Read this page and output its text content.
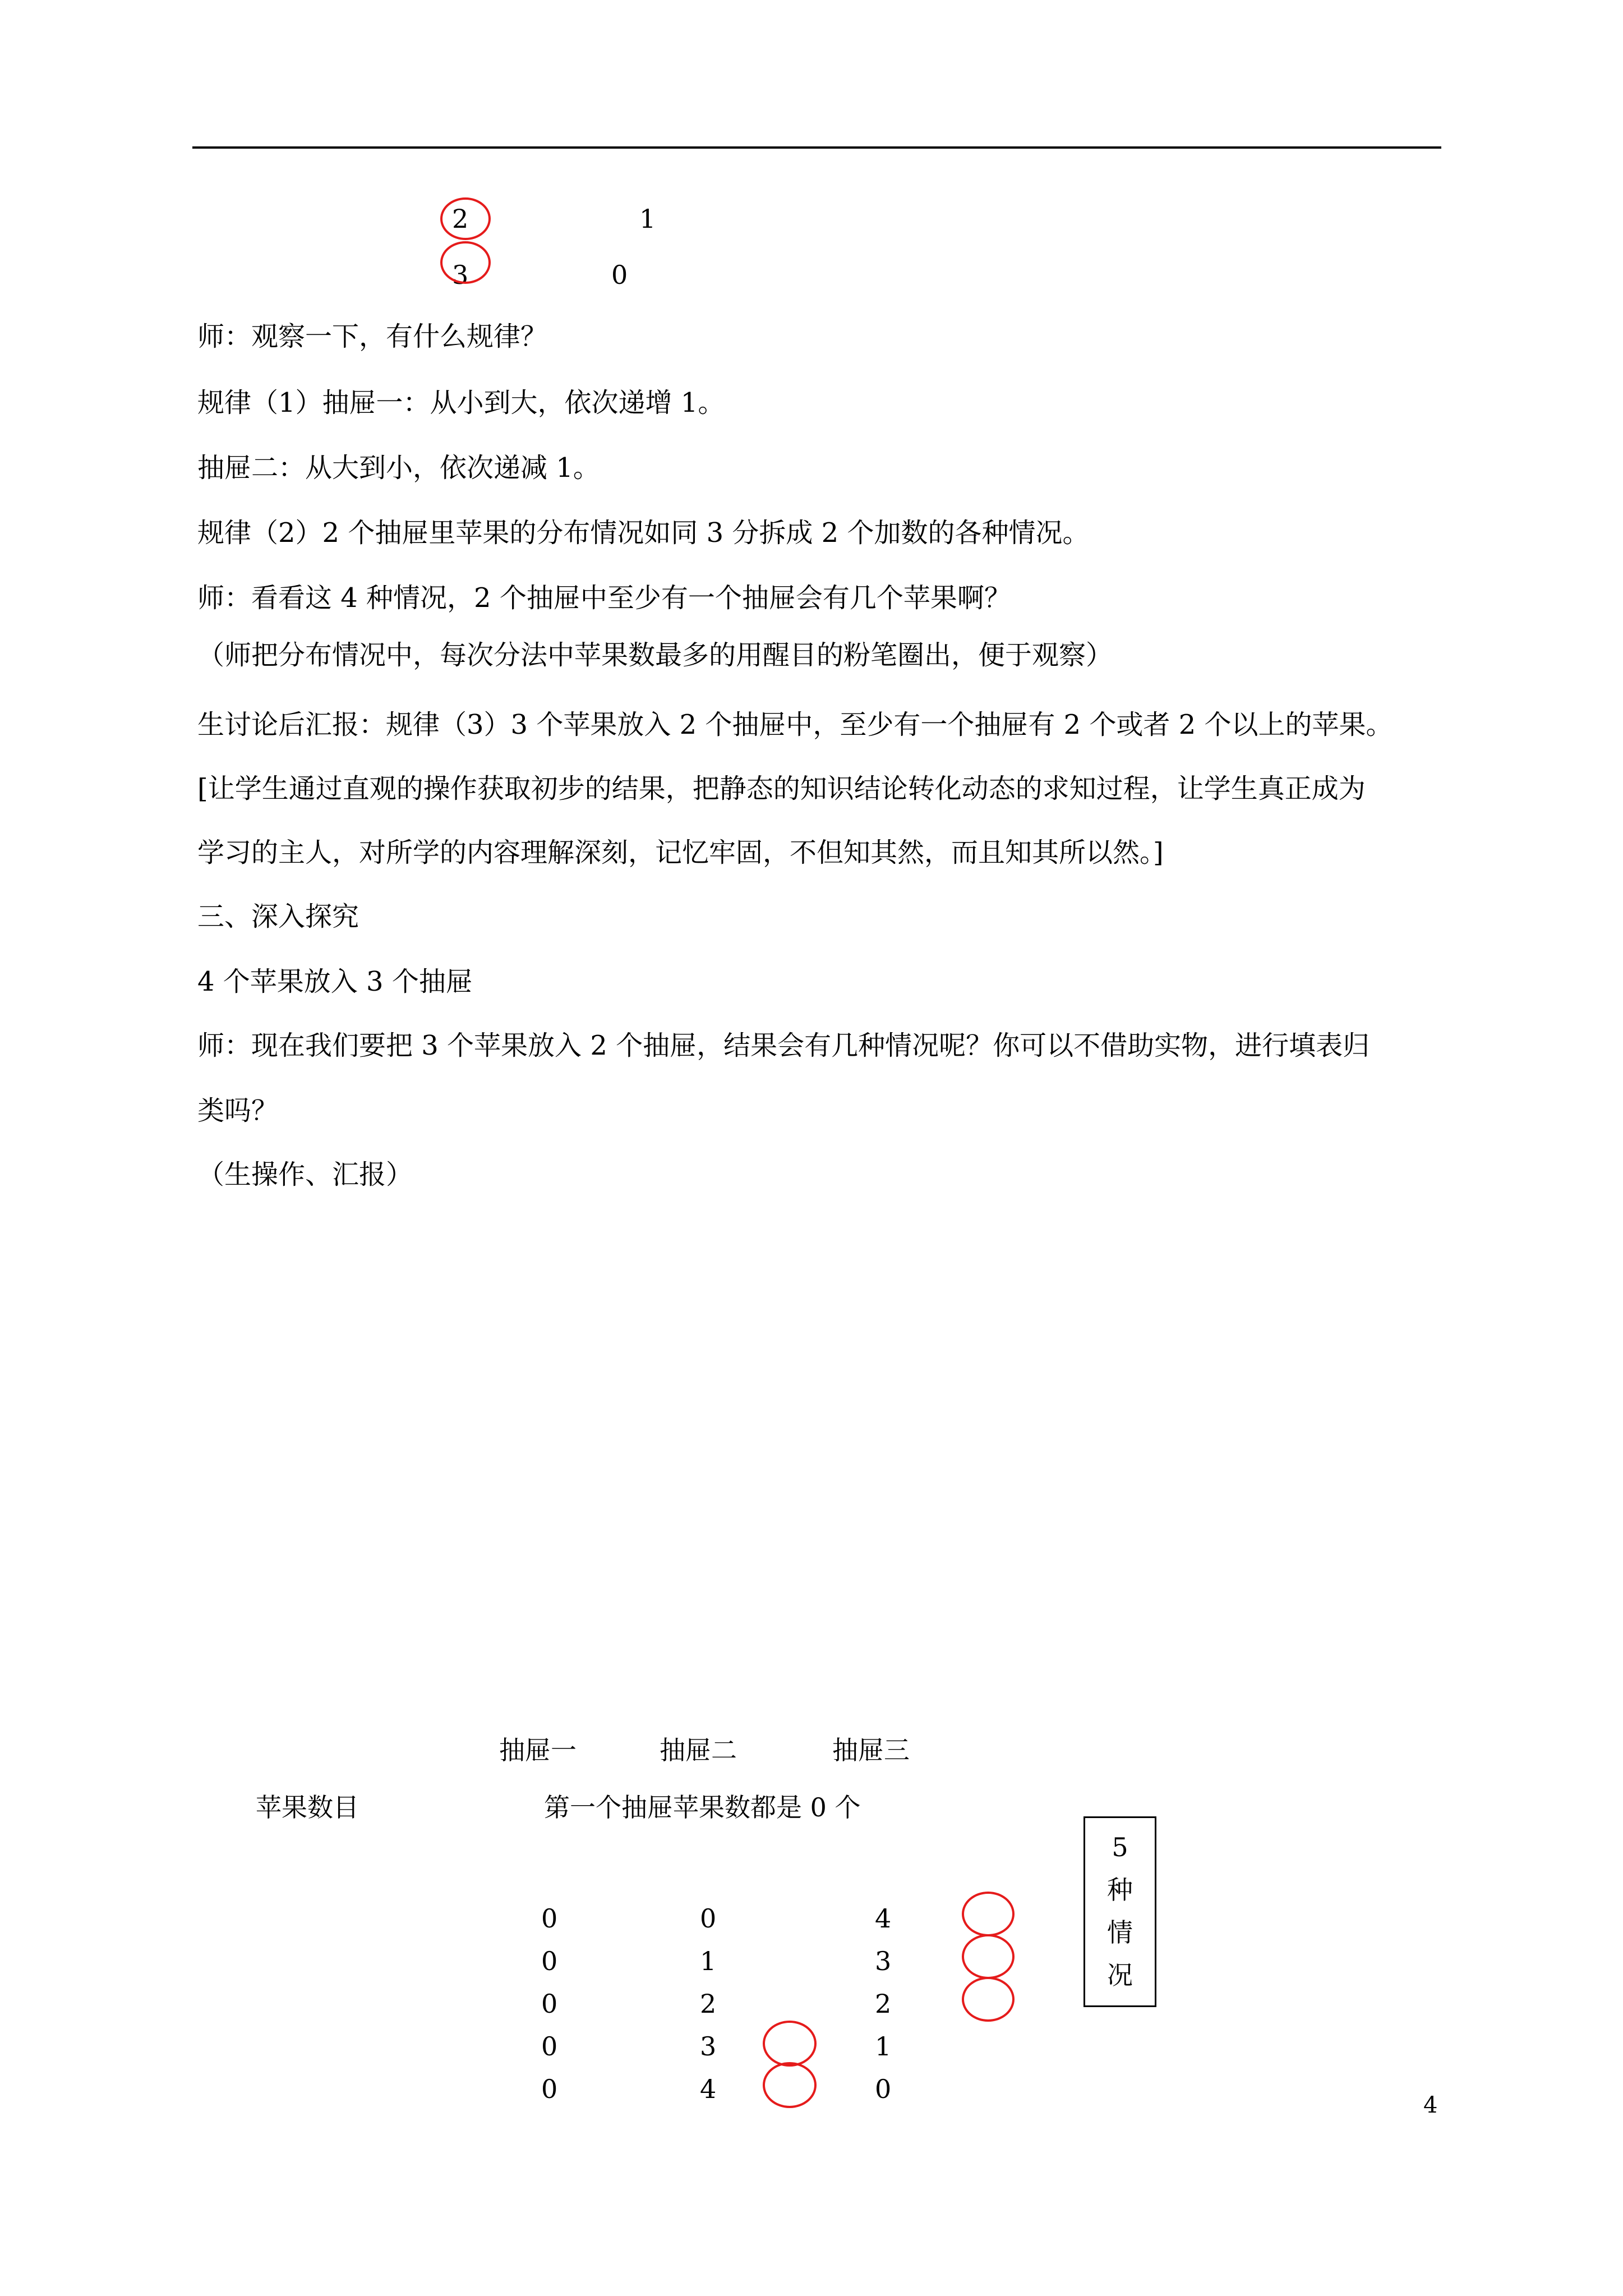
2	1
3	0
师：观察一下，有什么规律？
规律（1）抽屉一：从小到大，依次递增 1。
抽屉二：从大到小，依次递减 1。
规律（2）2 个抽屉里苹果的分布情况如同 3 分拆成 2 个加数的各种情况。
师：看看这 4 种情况，2 个抽屉中至少有一个抽屉会有几个苹果啊？
（师把分布情况中，每次分法中苹果数最多的用醒目的粉笔圈出，便于观察）
生讨论后汇报：规律（3）3 个苹果放入 2 个抽屉中，至少有一个抽屉有 2 个或者 2 个以上的苹果。
[让学生通过直观的操作获取初步的结果，把静态的知识结论转化动态的求知过程，让学生真正成为
学习的主人，对所学的内容理解深刻，记忆牢固，不但知其然，而且知其所以然。]
三、深入探究
4 个苹果放入 3 个抽屉
师：现在我们要把 3 个苹果放入 2 个抽屉，结果会有几种情况呢？你可以不借助实物，进行填表归
类吗？
（生操作、汇报）
抽屉一	抽屉二	抽屉三
苹果数目	第一个抽屉苹果数都是 0 个
0	0	4
0	1	3
0	2	2
0	3	1
0	4	0
5
种
情
况
4
